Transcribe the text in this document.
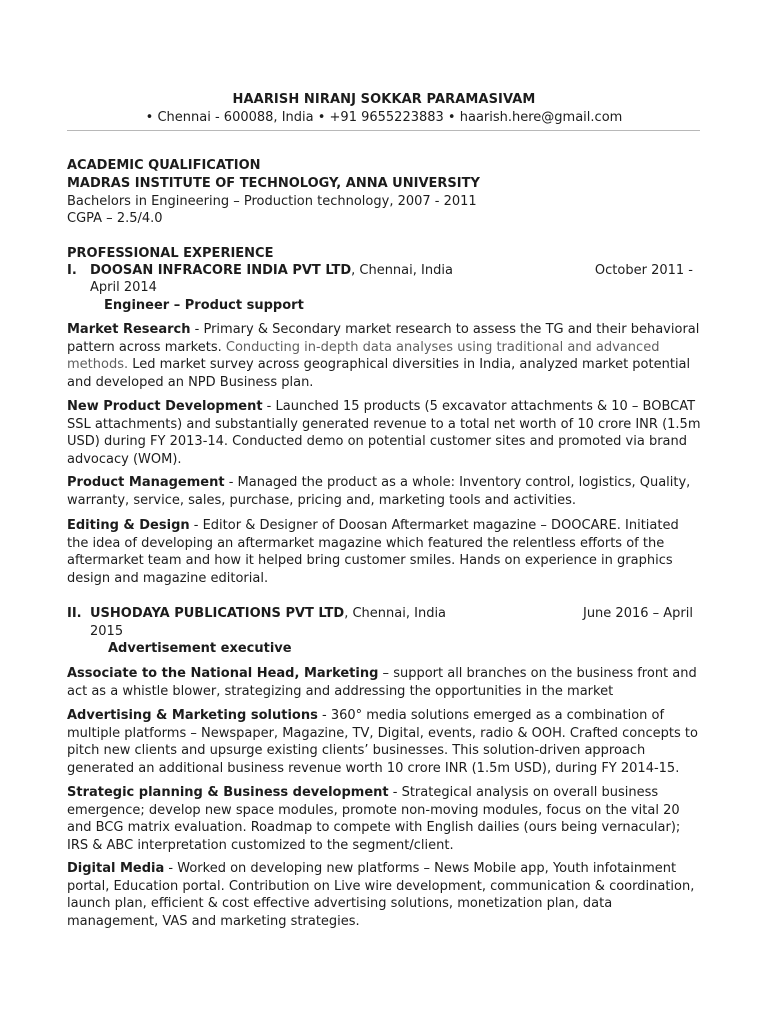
HAARISH NIRANJ SOKKAR PARAMASIVAM
• Chennai - 600088, India • +91 9655223883 • haarish.here@gmail.com
ACADEMIC QUALIFICATION
MADRAS INSTITUTE OF TECHNOLOGY, ANNA UNIVERSITY
Bachelors in Engineering – Production technology, 2007 - 2011
CGPA – 2.5/4.0
PROFESSIONAL EXPERIENCE
I. DOOSAN INFRACORE INDIA PVT LTD, Chennai, India	October 2011 -
April 2014
Engineer – Product support
Market Research - Primary & Secondary market research to assess the TG and their behavioral pattern across markets. Conducting in-depth data analyses using traditional and advanced methods. Led market survey across geographical diversities in India, analyzed market potential and developed an NPD Business plan.
New Product Development - Launched 15 products (5 excavator attachments & 10 – BOBCAT SSL attachments) and substantially generated revenue to a total net worth of 10 crore INR (1.5m USD) during FY 2013-14. Conducted demo on potential customer sites and promoted via brand advocacy (WOM).
Product Management - Managed the product as a whole: Inventory control, logistics, Quality, warranty, service, sales, purchase, pricing and, marketing tools and activities.
Editing & Design - Editor & Designer of Doosan Aftermarket magazine – DOOCARE. Initiated the idea of developing an aftermarket magazine which featured the relentless efforts of the aftermarket team and how it helped bring customer smiles. Hands on experience in graphics design and magazine editorial.
II. USHODAYA PUBLICATIONS PVT LTD, Chennai, India	June 2016 – April
2015
Advertisement executive
Associate to the National Head, Marketing – support all branches on the business front and act as a whistle blower, strategizing and addressing the opportunities in the market
Advertising & Marketing solutions - 360° media solutions emerged as a combination of multiple platforms – Newspaper, Magazine, TV, Digital, events, radio & OOH. Crafted concepts to pitch new clients and upsurge existing clients’ businesses. This solution-driven approach generated an additional business revenue worth 10 crore INR (1.5m USD), during FY 2014-15.
Strategic planning & Business development - Strategical analysis on overall business emergence; develop new space modules, promote non-moving modules, focus on the vital 20 and BCG matrix evaluation. Roadmap to compete with English dailies (ours being vernacular); IRS & ABC interpretation customized to the segment/client.
Digital Media - Worked on developing new platforms – News Mobile app, Youth infotainment portal, Education portal. Contribution on Live wire development, communication & coordination, launch plan, efficient & cost effective advertising solutions, monetization plan, data management, VAS and marketing strategies.
